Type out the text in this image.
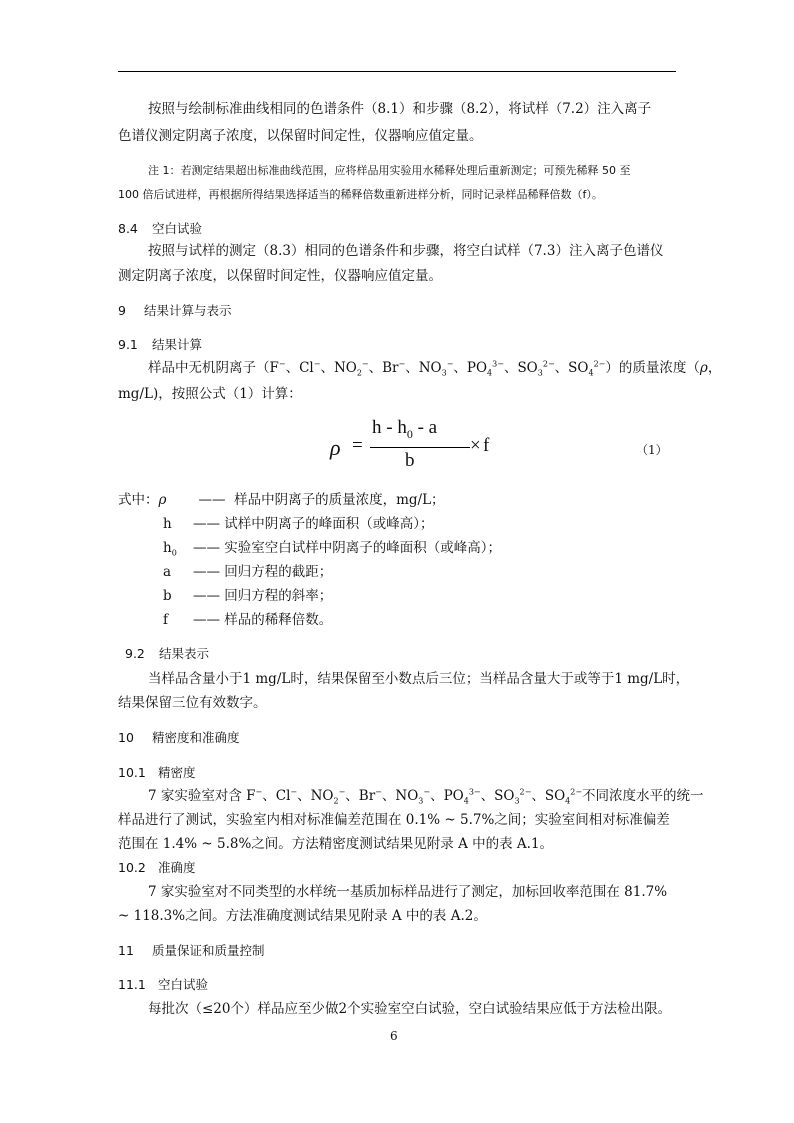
按照与绘制标准曲线相同的色谱条件（8.1）和步骤（8.2），将试样（7.2）注入离子
色谱仪测定阴离子浓度，以保留时间定性，仪器响应值定量。
注 1：若测定结果超出标准曲线范围，应将样品用实验用水稀释处理后重新测定；可预先稀释 50 至
100 倍后试进样，再根据所得结果选择适当的稀释倍数重新进样分析，同时记录样品稀释倍数（f）。
8.4 空白试验
按照与试样的测定（8.3）相同的色谱条件和步骤，将空白试样（7.3）注入离子色谱仪
测定阴离子浓度，以保留时间定性，仪器响应值定量。
9 结果计算与表示
9.1 结果计算
样品中无机阴离子（F−、Cl−、$NO_2^-$、Br−、$NO_3^-$、$PO_4^{3-}$、$SO_3^{2-}$、$SO_4^{2-}$）的质量浓度（ρ，
mg/L)，按照公式（1）计算：
ρ =
h - $h_0$ - a
b
× f	（1）
式中：ρ —— 样品中阴离子的质量浓度，mg/L；
h —— 试样中阴离子的峰面积（或峰高）；
$h_0$ —— 实验室空白试样中阴离子的峰面积（或峰高）；
a —— 回归方程的截距；
b —— 回归方程的斜率；
f —— 样品的稀释倍数。
9.2 结果表示
当样品含量小于1 mg/L时，结果保留至小数点后三位；当样品含量大于或等于1 mg/L时，
结果保留三位有效数字。
10 精密度和准确度
10.1 精密度
7 家实验室对含 F−、Cl−、$NO_2^-$、Br−、$NO_3^-$、$PO_4^{3-}$、$SO_3^{2-}$、$SO_4^{2-}$不同浓度水平的统一
样品进行了测试，实验室内相对标准偏差范围在 0.1% ~ 5.7%之间；实验室间相对标准偏差
范围在 1.4% ~ 5.8%之间。方法精密度测试结果见附录 A 中的表 A.1。
10.2 准确度
7 家实验室对不同类型的水样统一基质加标样品进行了测定，加标回收率范围在 81.7%
~ 118.3%之间。方法准确度测试结果见附录 A 中的表 A.2。
11 质量保证和质量控制
11.1 空白试验
每批次（≤20个）样品应至少做2个实验室空白试验，空白试验结果应低于方法检出限。
6
